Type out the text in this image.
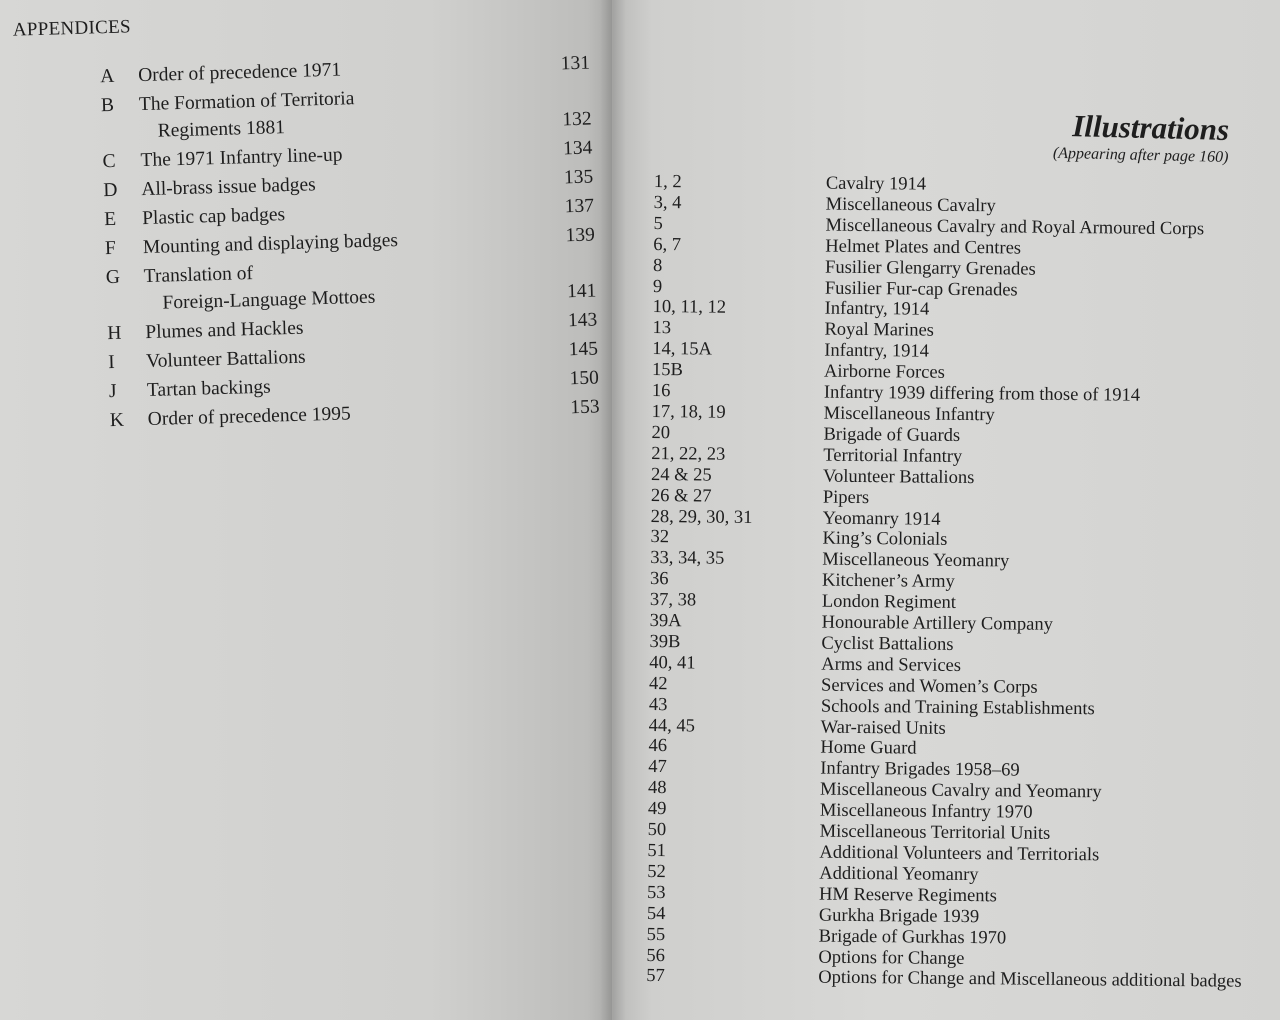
APPENDICES
A	Order of precedence 1971	131
B	The Formation of Territoria
Regiments 1881	132
C	The 1971 Infantry line-up	134
D	All-brass issue badges	135
E	Plastic cap badges	137
F	Mounting and displaying badges	139
G	Translation of
Foreign-Language Mottoes	141
H	Plumes and Hackles	143
I	Volunteer Battalions	145
J	Tartan backings	150
K	Order of precedence 1995	153
Illustrations
(Appearing after page 160)
1, 2	Cavalry 1914
3, 4	Miscellaneous Cavalry
5	Miscellaneous Cavalry and Royal Armoured Corps
6, 7	Helmet Plates and Centres
8	Fusilier Glengarry Grenades
9	Fusilier Fur-cap Grenades
10, 11, 12	Infantry, 1914
13	Royal Marines
14, 15A	Infantry, 1914
15B	Airborne Forces
16	Infantry 1939 differing from those of 1914
17, 18, 19	Miscellaneous Infantry
20	Brigade of Guards
21, 22, 23	Territorial Infantry
24 & 25	Volunteer Battalions
26 & 27	Pipers
28, 29, 30, 31	Yeomanry 1914
32	King’s Colonials
33, 34, 35	Miscellaneous Yeomanry
36	Kitchener’s Army
37, 38	London Regiment
39A	Honourable Artillery Company
39B	Cyclist Battalions
40, 41	Arms and Services
42	Services and Women’s Corps
43	Schools and Training Establishments
44, 45	War-raised Units
46	Home Guard
47	Infantry Brigades 1958–69
48	Miscellaneous Cavalry and Yeomanry
49	Miscellaneous Infantry 1970
50	Miscellaneous Territorial Units
51	Additional Volunteers and Territorials
52	Additional Yeomanry
53	HM Reserve Regiments
54	Gurkha Brigade 1939
55	Brigade of Gurkhas 1970
56	Options for Change
57	Options for Change and Miscellaneous additional badges
